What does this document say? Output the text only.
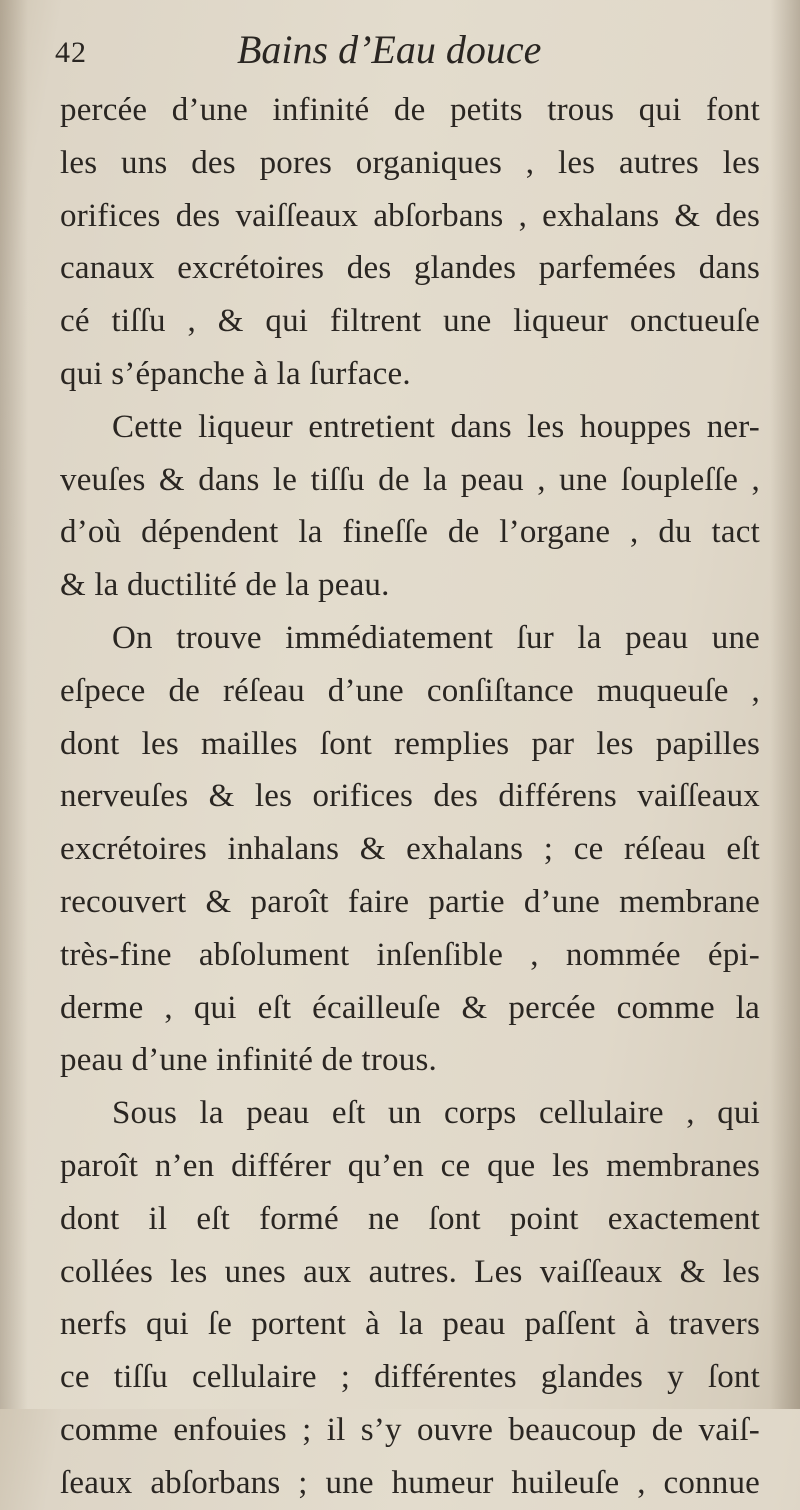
42	Bains d’Eau douce
percée d’une infinité de petits trous qui font
les uns des pores organiques , les autres les
orifices des vaiſſeaux abſorbans , exhalans & des
canaux excrétoires des glandes parfemées dans
cé tiſſu , & qui filtrent une liqueur onctueuſe
qui s’épanche à la ſurface.
Cette liqueur entretient dans les houppes ner-
veuſes & dans le tiſſu de la peau , une ſoupleſſe ,
d’où dépendent la fineſſe de l’organe , du tact
& la ductilité de la peau.
On trouve immédiatement ſur la peau une
eſpece de réſeau d’une conſiſtance muqueuſe ,
dont les mailles ſont remplies par les papilles
nerveuſes & les orifices des différens vaiſſeaux
excrétoires inhalans & exhalans ; ce réſeau eſt
recouvert & paroît faire partie d’une membrane
très-fine abſolument inſenſible , nommée épi-
derme , qui eſt écailleuſe & percée comme la
peau d’une infinité de trous.
Sous la peau eſt un corps cellulaire , qui
paroît n’en différer qu’en ce que les membranes
dont il eſt formé ne ſont point exactement
collées les unes aux autres. Les vaiſſeaux & les
nerfs qui ſe portent à la peau paſſent à travers
ce tiſſu cellulaire ; différentes glandes y ſont
comme enfouies ; il s’y ouvre beaucoup de vaiſ-
ſeaux abſorbans ; une humeur huileuſe , connue
